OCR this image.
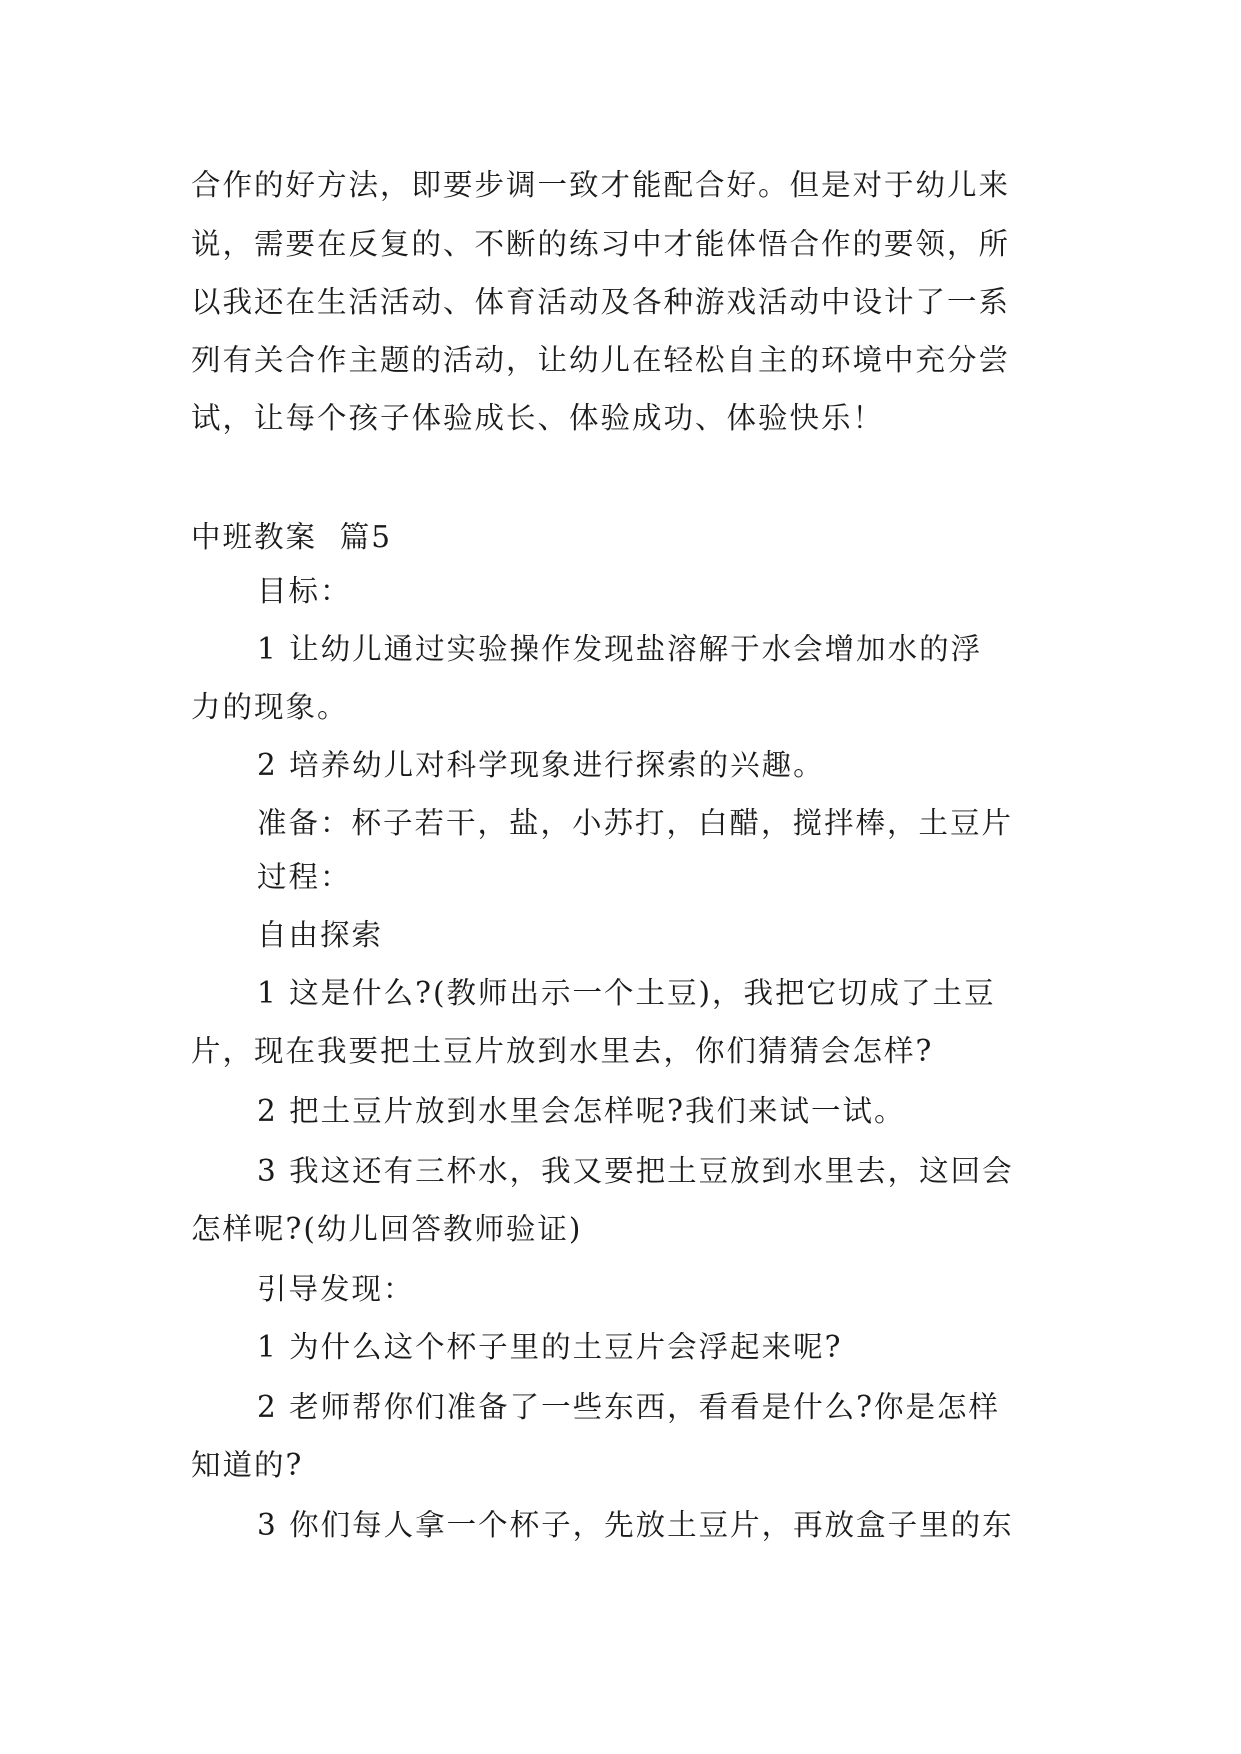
合作的好方法，即要步调一致才能配合好。但是对于幼儿来
说，需要在反复的、不断的练习中才能体悟合作的要领，所
以我还在生活活动、体育活动及各种游戏活动中设计了一系
列有关合作主题的活动，让幼儿在轻松自主的环境中充分尝
试，让每个孩子体验成长、体验成功、体验快乐！
中班教案  篇5
目标：
1 让幼儿通过实验操作发现盐溶解于水会增加水的浮
力的现象。
2 培养幼儿对科学现象进行探索的兴趣。
准备：杯子若干，盐，小苏打，白醋，搅拌棒，土豆片
过程：
自由探索
1 这是什么?(教师出示一个土豆)，我把它切成了土豆
片，现在我要把土豆片放到水里去，你们猜猜会怎样?
2 把土豆片放到水里会怎样呢?我们来试一试。
3 我这还有三杯水，我又要把土豆放到水里去，这回会
怎样呢?(幼儿回答教师验证)
引导发现：
1 为什么这个杯子里的土豆片会浮起来呢?
2 老师帮你们准备了一些东西，看看是什么?你是怎样
知道的?
3 你们每人拿一个杯子，先放土豆片，再放盒子里的东
